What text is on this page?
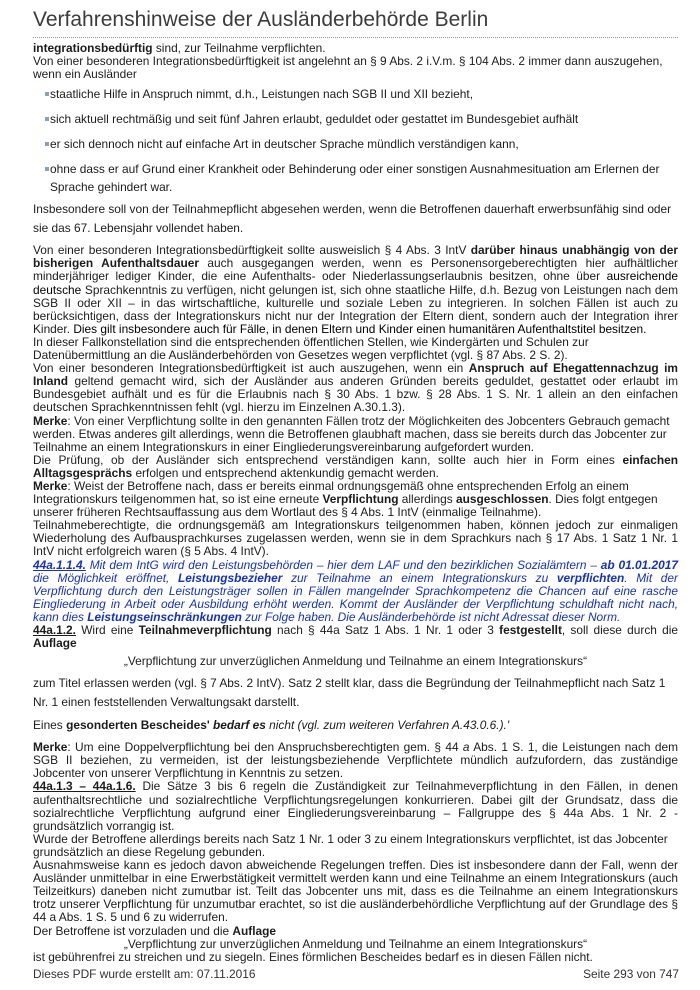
Verfahrenshinweise der Ausländerbehörde Berlin

integrationsbedürftig sind, zur Teilnahme verpflichten.

Von einer besonderen Integrationsbedürftigkeit ist angelehnt an § 9 Abs. 2 i.V.m. § 104 Abs. 2 immer dann auszugehen, wenn ein Ausländer

staatliche Hilfe in Anspruch nimmt, d.h., Leistungen nach SGB II und XII bezieht,
sich aktuell rechtmäßig und seit fünf Jahren erlaubt, geduldet oder gestattet im Bundesgebiet aufhält
er sich dennoch nicht auf einfache Art in deutscher Sprache mündlich verständigen kann,
ohne dass er auf Grund einer Krankheit oder Behinderung oder einer sonstigen Ausnahmesituation am Erlernen der
Sprache gehindert war.

Insbesondere soll von der Teilnahmepflicht abgesehen werden, wenn die Betroffenen dauerhaft erwerbsunfähig sind oder sie das 67. Lebensjahr vollendet haben.

Von einer besonderen Integrationsbedürftigkeit sollte ausweislich § 4 Abs. 3 IntV darüber hinaus unabhängig von der bisherigen Aufenthaltsdauer auch ausgegangen werden, wenn es Personensorgeberechtigten hier aufhältlicher minderjähriger lediger Kinder, die eine Aufenthalts- oder Niederlassungserlaubnis besitzen, ohne über ausreichende deutsche Sprachkenntnis zu verfügen, nicht gelungen ist, sich ohne staatliche Hilfe, d.h. Bezug von Leistungen nach dem SGB II oder XII – in das wirtschaftliche, kulturelle und soziale Leben zu integrieren. In solchen Fällen ist auch zu berücksichtigen, dass der Integrationskurs nicht nur der Integration der Eltern dient, sondern auch der Integration ihrer Kinder. Dies gilt insbesondere auch für Fälle, in denen Eltern und Kinder einen humanitären Aufenthaltstitel besitzen.

In dieser Fallkonstellation sind die entsprechenden öffentlichen Stellen, wie Kindergärten und Schulen zur Datenübermittlung an die Ausländerbehörden von Gesetzes wegen verpflichtet (vgl. § 87 Abs. 2 S. 2).

Von einer besonderen Integrationsbedürftigkeit ist auch auszugehen, wenn ein Anspruch auf Ehegattennachzug im Inland geltend gemacht wird, sich der Ausländer aus anderen Gründen bereits geduldet, gestattet oder erlaubt im Bundesgebiet aufhält und es für die Erlaubnis nach § 30 Abs. 1 bzw. § 28 Abs. 1 S. Nr. 1 allein an den einfachen deutschen Sprachkenntnissen fehlt (vgl. hierzu im Einzelnen A.30.1.3).

Merke: Von einer Verpflichtung sollte in den genannten Fällen trotz der Möglichkeiten des Jobcenters Gebrauch gemacht werden. Etwas anderes gilt allerdings, wenn die Betroffenen glaubhaft machen, dass sie bereits durch das Jobcenter zur Teilnahme an einem Integrationskurs in einer Eingliederungsvereinbarung aufgefordert wurden.

Die Prüfung, ob der Ausländer sich entsprechend verständigen kann, sollte auch hier in Form eines einfachen Alltagsgesprächs erfolgen und entsprechend aktenkundig gemacht werden.

Merke: Weist der Betroffene nach, dass er bereits einmal ordnungsgemäß ohne entsprechenden Erfolg an einem Integrationskurs teilgenommen hat, so ist eine erneute Verpflichtung allerdings ausgeschlossen. Dies folgt entgegen unserer früheren Rechtsauffassung aus dem Wortlaut des § 4 Abs. 1 IntV (einmalige Teilnahme).

Teilnahmeberechtigte, die ordnungsgemäß am Integrationskurs teilgenommen haben, können jedoch zur einmaligen Wiederholung des Aufbausprachkurses zugelassen werden, wenn sie in dem Sprachkurs nach § 17 Abs. 1 Satz 1 Nr. 1 IntV nicht erfolgreich waren (§ 5 Abs. 4 IntV).

44a.1.1.4. Mit dem IntG wird den Leistungsbehörden – hier dem LAF und den bezirklichen Sozialämtern – ab 01.01.2017 die Möglichkeit eröffnet, Leistungsbezieher zur Teilnahme an einem Integrationskurs zu verpflichten. Mit der Verpflichtung durch den Leistungsträger sollen in Fällen mangelnder Sprachkompetenz die Chancen auf eine rasche Eingliederung in Arbeit oder Ausbildung erhöht werden. Kommt der Ausländer der Verpflichtung schuldhaft nicht nach, kann dies Leistungseinschränkungen zur Folge haben. Die Ausländerbehörde ist nicht Adressat dieser Norm.

44a.1.2. Wird eine Teilnahmeverpflichtung nach § 44a Satz 1 Abs. 1 Nr. 1 oder 3 festgestellt, soll diese durch die Auflage

„Verpflichtung zur unverzüglichen Anmeldung und Teilnahme an einem Integrationskurs“

zum Titel erlassen werden (vgl. § 7 Abs. 2 IntV). Satz 2 stellt klar, dass die Begründung der Teilnahmepflicht nach Satz 1 Nr. 1 einen feststellenden Verwaltungsakt darstellt.

Eines gesonderten Bescheides' bedarf es nicht (vgl. zum weiteren Verfahren A.43.0.6.).'

Merke: Um eine Doppelverpflichtung bei den Anspruchsberechtigten gem. § 44 a Abs. 1 S. 1, die Leistungen nach dem SGB II beziehen, zu vermeiden, ist der leistungsbeziehende Verpflichtete mündlich aufzufordern, das zuständige Jobcenter von unserer Verpflichtung in Kenntnis zu setzen.

44a.1.3 – 44a.1.6. Die Sätze 3 bis 6 regeln die Zuständigkeit zur Teilnahmeverpflichtung in den Fällen, in denen aufenthaltsrechtliche und sozialrechtliche Verpflichtungsregelungen konkurrieren. Dabei gilt der Grundsatz, dass die sozialrechtliche Verpflichtung aufgrund einer Eingliederungsvereinbarung – Fallgruppe des § 44a Abs. 1 Nr. 2 - grundsätzlich vorrangig ist.

Wurde der Betroffene allerdings bereits nach Satz 1 Nr. 1 oder 3 zu einem Integrationskurs verpflichtet, ist das Jobcenter grundsätzlich an diese Regelung gebunden.

Ausnahmsweise kann es jedoch davon abweichende Regelungen treffen. Dies ist insbesondere dann der Fall, wenn der Ausländer unmittelbar in eine Erwerbstätigkeit vermittelt werden kann und eine Teilnahme an einem Integrationskurs (auch Teilzeitkurs) daneben nicht zumutbar ist. Teilt das Jobcenter uns mit, dass es die Teilnahme an einem Integrationskurs trotz unserer Verpflichtung für unzumutbar erachtet, so ist die ausländerbehördliche Verpflichtung auf der Grundlage des § 44 a Abs. 1 S. 5 und 6 zu widerrufen.

Der Betroffene ist vorzuladen und die Auflage

„Verpflichtung zur unverzüglichen Anmeldung und Teilnahme an einem Integrationskurs“

ist gebührenfrei zu streichen und zu siegeln. Eines förmlichen Bescheides bedarf es in diesen Fällen nicht.

Dieses PDF wurde erstellt am: 07.11.2016	Seite 293 von 747
